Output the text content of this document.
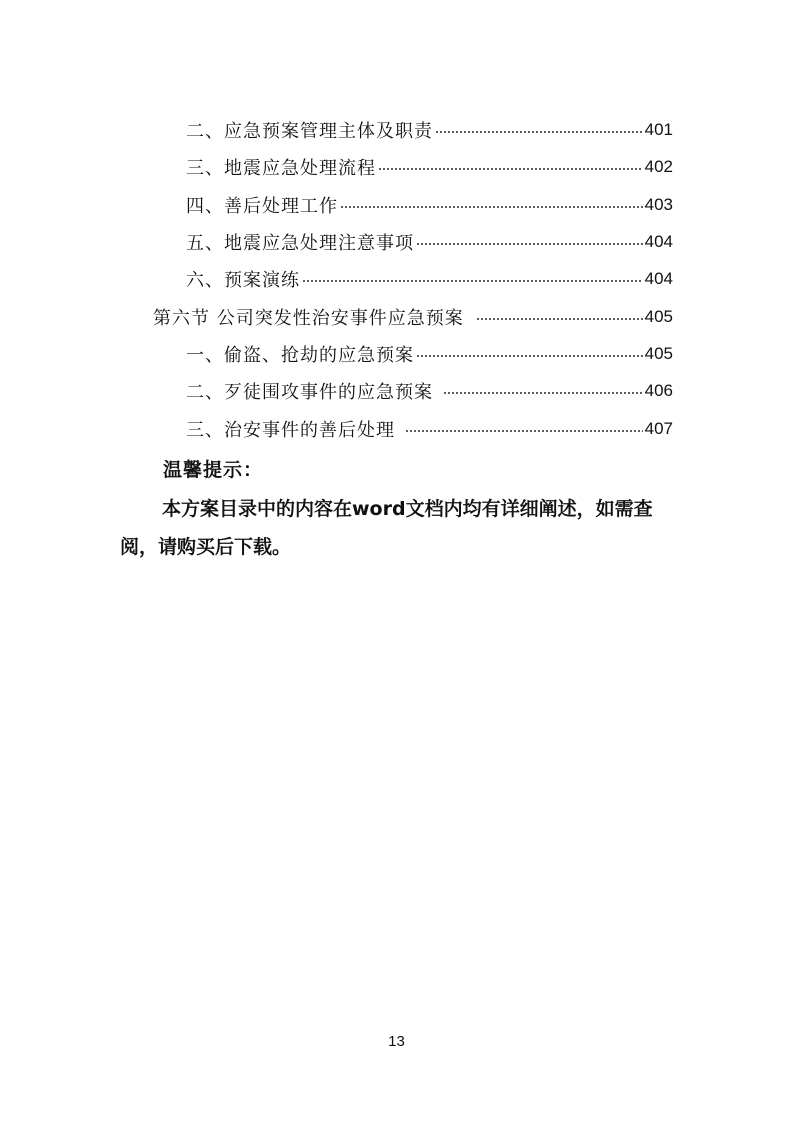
二、应急预案管理主体及职责	401
三、地震应急处理流程	402
四、善后处理工作	403
五、地震应急处理注意事项	404
六、预案演练	404
第六节 公司突发性治安事件应急预案	405
一、偷盗、抢劫的应急预案	405
二、歹徒围攻事件的应急预案	406
三、治安事件的善后处理	407
温馨提示：

本方案目录中的内容在word文档内均有详细阐述，如需查阅，请购买后下载。

13
